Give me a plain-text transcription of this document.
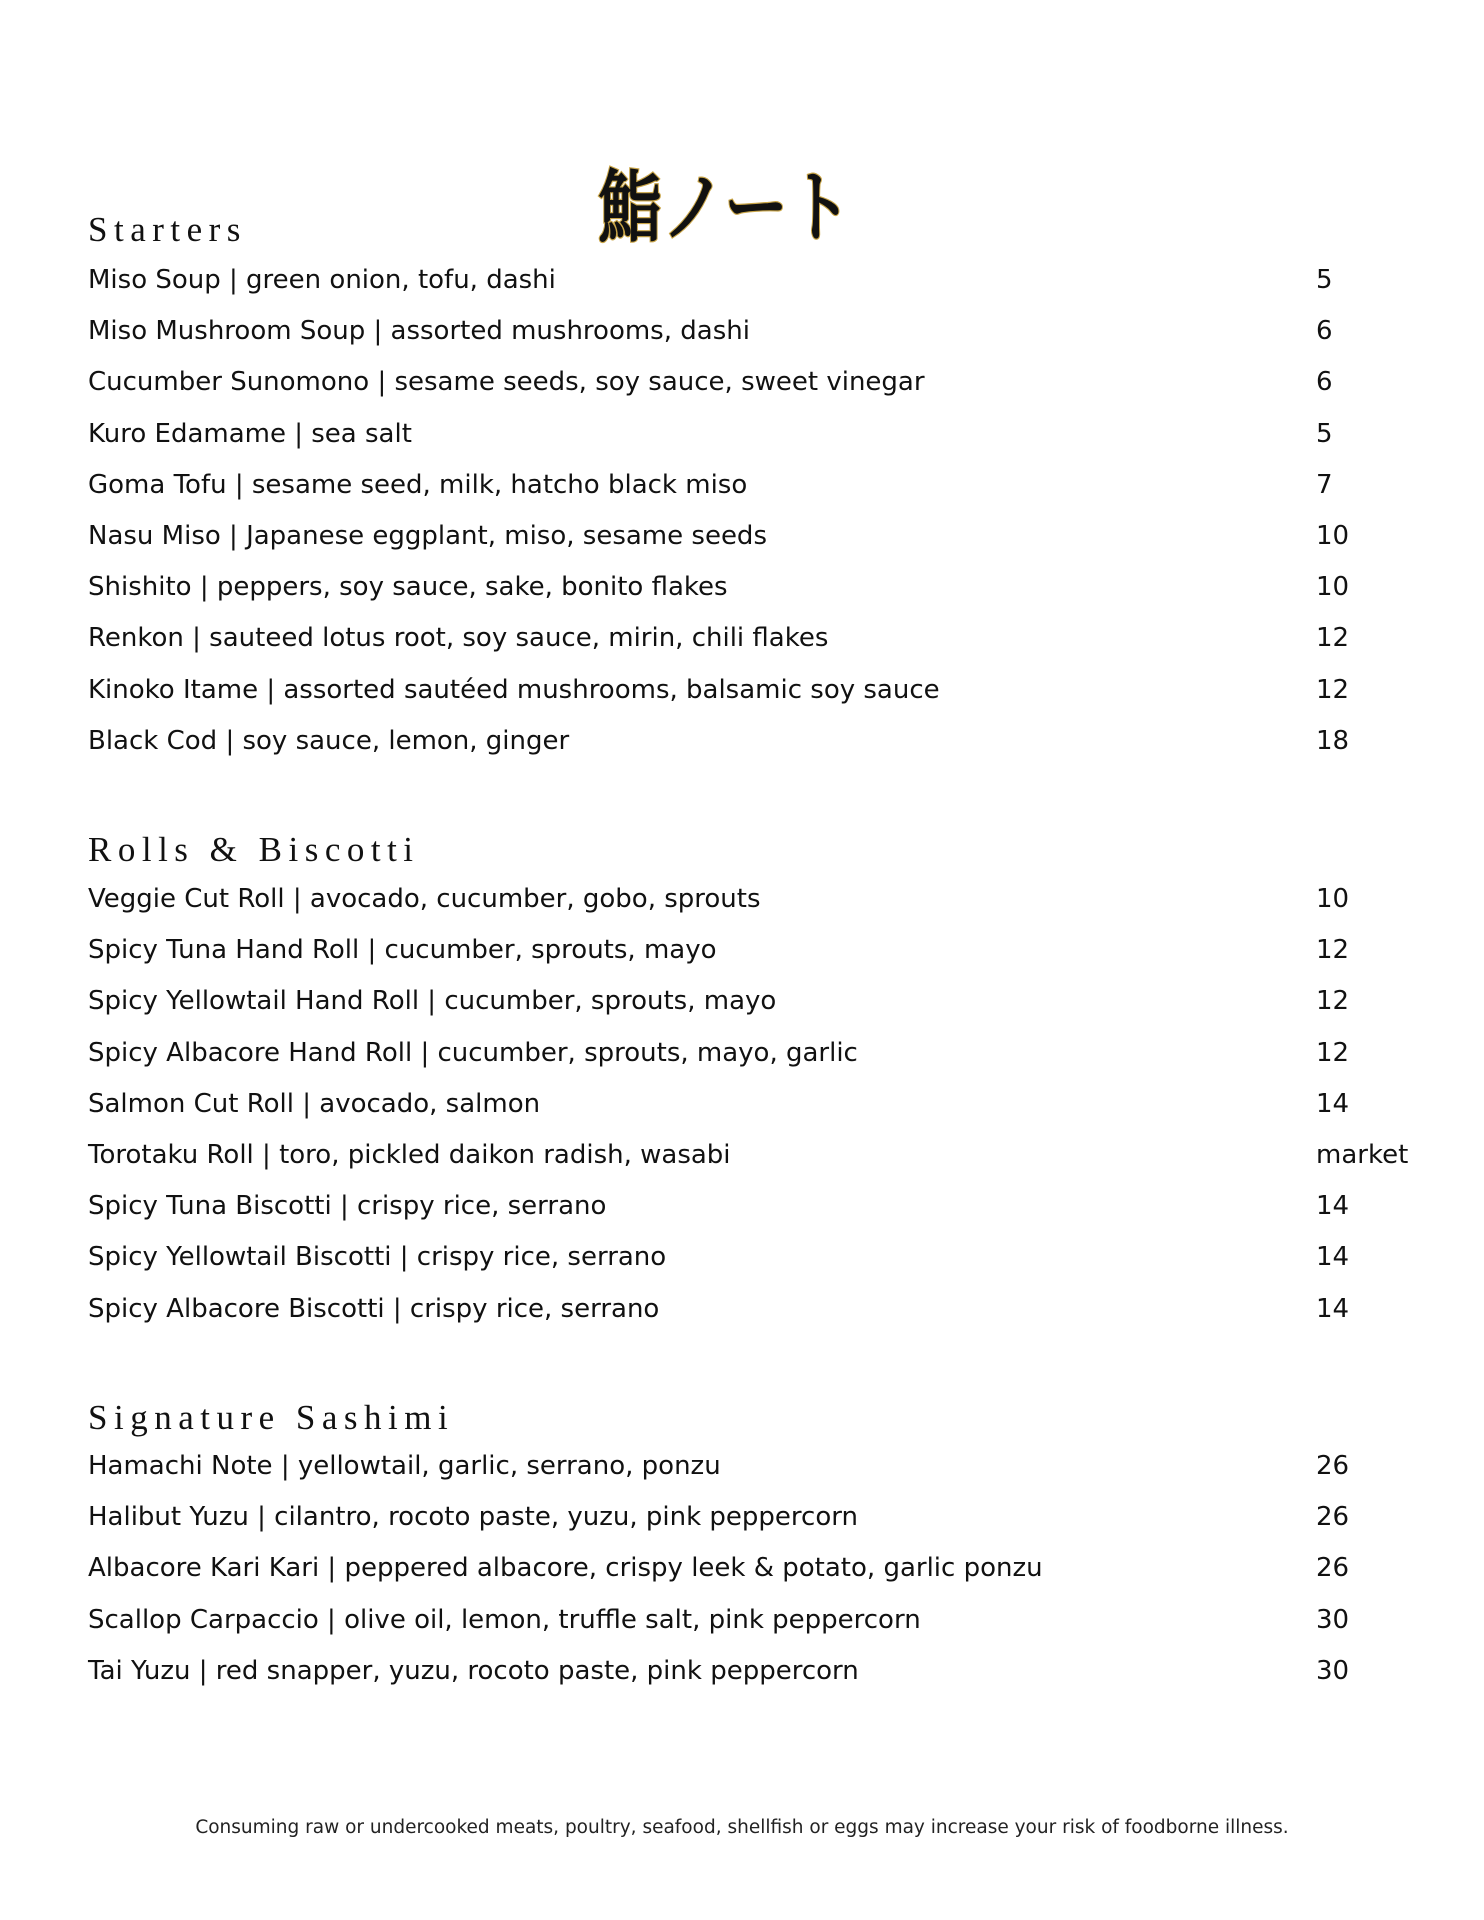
鮨ノート
Starters
Miso Soup | green onion, tofu, dashi	5
Miso Mushroom Soup | assorted mushrooms, dashi	6
Cucumber Sunomono | sesame seeds, soy sauce, sweet vinegar	6
Kuro Edamame | sea salt	5
Goma Tofu | sesame seed, milk, hatcho black miso	7
Nasu Miso | Japanese eggplant, miso, sesame seeds	10
Shishito | peppers, soy sauce, sake, bonito flakes	10
Renkon | sauteed lotus root, soy sauce, mirin, chili flakes	12
Kinoko Itame | assorted sautéed mushrooms, balsamic soy sauce	12
Black Cod | soy sauce, lemon, ginger	18
Rolls & Biscotti
Veggie Cut Roll | avocado, cucumber, gobo, sprouts	10
Spicy Tuna Hand Roll | cucumber, sprouts, mayo	12
Spicy Yellowtail Hand Roll | cucumber, sprouts, mayo	12
Spicy Albacore Hand Roll | cucumber, sprouts, mayo, garlic	12
Salmon Cut Roll | avocado, salmon	14
Torotaku Roll | toro, pickled daikon radish, wasabi	market
Spicy Tuna Biscotti | crispy rice, serrano	14
Spicy Yellowtail Biscotti | crispy rice, serrano	14
Spicy Albacore Biscotti | crispy rice, serrano	14
Signature Sashimi
Hamachi Note | yellowtail, garlic, serrano, ponzu	26
Halibut Yuzu | cilantro, rocoto paste, yuzu, pink peppercorn	26
Albacore Kari Kari | peppered albacore, crispy leek & potato, garlic ponzu	26
Scallop Carpaccio | olive oil, lemon, truffle salt, pink peppercorn	30
Tai Yuzu | red snapper, yuzu, rocoto paste, pink peppercorn	30

Consuming raw or undercooked meats, poultry, seafood, shellfish or eggs may increase your risk of foodborne illness.
